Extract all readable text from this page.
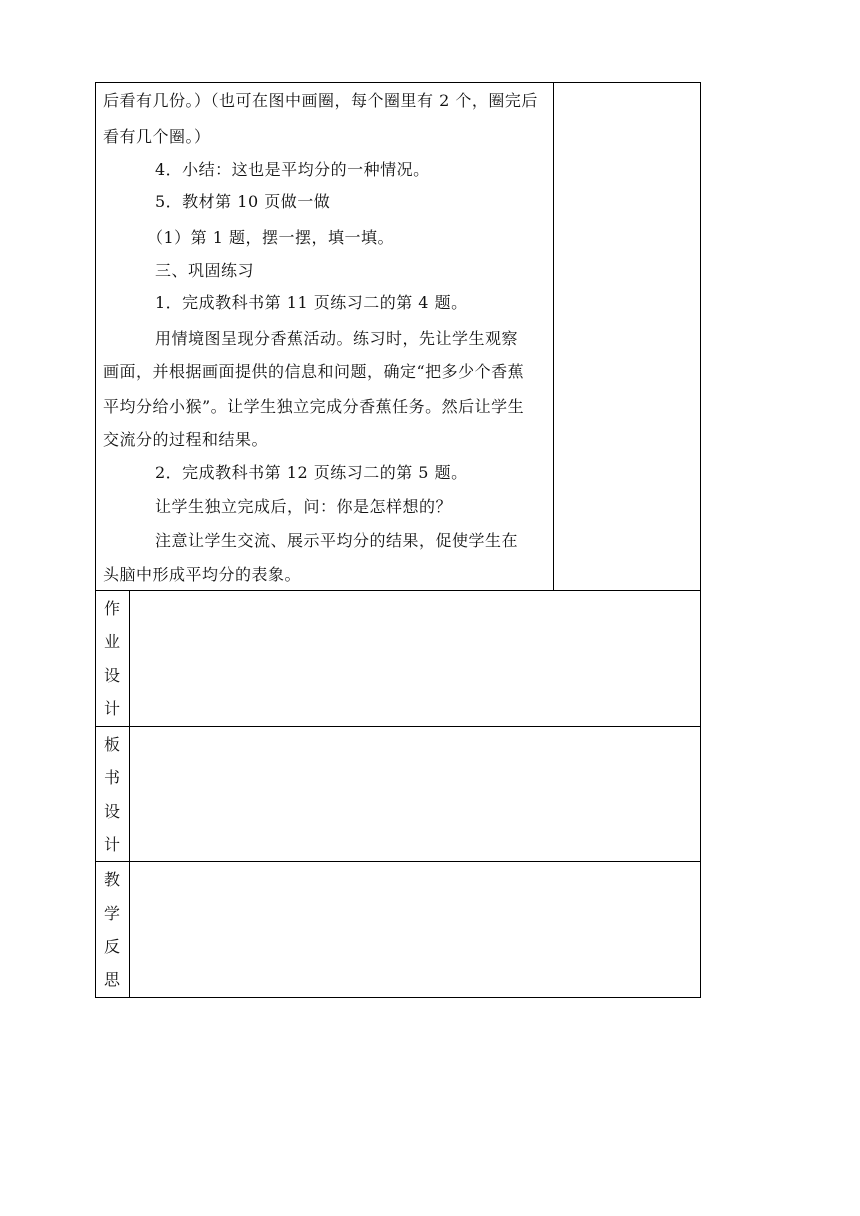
后看有几份。）（也可在图中画圈，每个圈里有 2 个，圈完后
看有几个圈。）
4．小结：这也是平均分的一种情况。
5．教材第 10 页做一做
（1）第 1 题，摆一摆，填一填。
三、巩固练习
1．完成教科书第 11 页练习二的第 4 题。
用情境图呈现分香蕉活动。练习时，先让学生观察
画面，并根据画面提供的信息和问题，确定“把多少个香蕉
平均分给小猴”。让学生独立完成分香蕉任务。然后让学生
交流分的过程和结果。
2．完成教科书第 12 页练习二的第 5 题。
让学生独立完成后，问：你是怎样想的？
注意让学生交流、展示平均分的结果，促使学生在
头脑中形成平均分的表象。
作
业
设
计
板
书
设
计
教
学
反
思
